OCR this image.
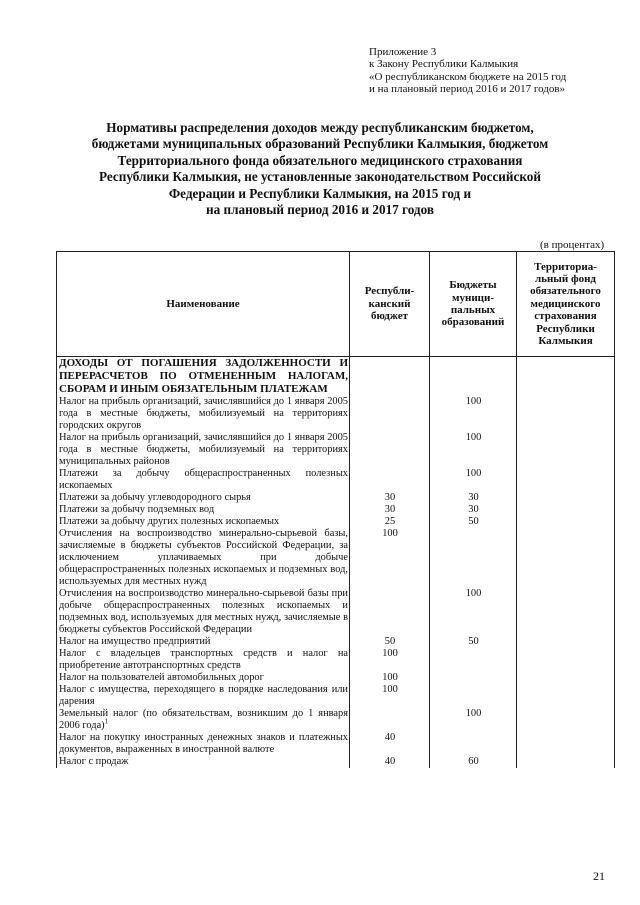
Приложение 3
к Закону Республики Калмыкия
«О республиканском бюджете на 2015 год
и на плановый период 2016 и 2017 годов»
Нормативы распределения доходов между республиканским бюджетом,
бюджетами муниципальных образований Республики Калмыкия, бюджетом
Территориального фонда обязательного медицинского страхования
Республики Калмыкия, не установленные законодательством Российской
Федерации и Республики Калмыкия, на 2015 год и
на плановый период 2016 и 2017 годов
(в процентах)
Наименование	Республи-канский бюджет	Бюджеты муници-пальных образований	Территориа-льный фонд обязательного медицинского страхования Республики Калмыкия
ДОХОДЫ ОТ ПОГАШЕНИЯ ЗАДОЛЖЕННОСТИ И ПЕРЕРАСЧЕТОВ ПО ОТМЕНЕННЫМ НАЛОГАМ, СБОРАМ И ИНЫМ ОБЯЗАТЕЛЬНЫМ ПЛАТЕЖАМ			
Налог на прибыль организаций, зачислявшийся до 1 января 2005 года в местные бюджеты, мобилизуемый на территориях городских округов		100	
Налог на прибыль организаций, зачислявшийся до 1 января 2005 года в местные бюджеты, мобилизуемый на территориях муниципальных районов		100	
Платежи за добычу общераспространенных полезных ископаемых		100	
Платежи за добычу углеводородного сырья	30	30	
Платежи за добычу подземных вод	30	30	
Платежи за добычу других полезных ископаемых	25	50	
Отчисления на воспроизводство минерально-сырьевой базы, зачисляемые в бюджеты субъектов Российской Федерации, за исключением уплачиваемых при добыче общераспространенных полезных ископаемых и подземных вод, используемых для местных нужд	100		
Отчисления на воспроизводство минерально-сырьевой базы при добыче общераспространенных полезных ископаемых и подземных вод, используемых для местных нужд, зачисляемые в бюджеты субъектов Российской Федерации		100	
Налог на имущество предприятий	50	50	
Налог с владельцев транспортных средств и налог на приобретение автотранспортных средств	100		
Налог на пользователей автомобильных дорог	100		
Налог с имущества, переходящего в порядке наследования или дарения	100		
Земельный налог (по обязательствам, возникшим до 1 января 2006 года)$^1$		100	
Налог на покупку иностранных денежных знаков и платежных документов, выраженных в иностранной валюте	40		
Налог с продаж	40	60	
21
